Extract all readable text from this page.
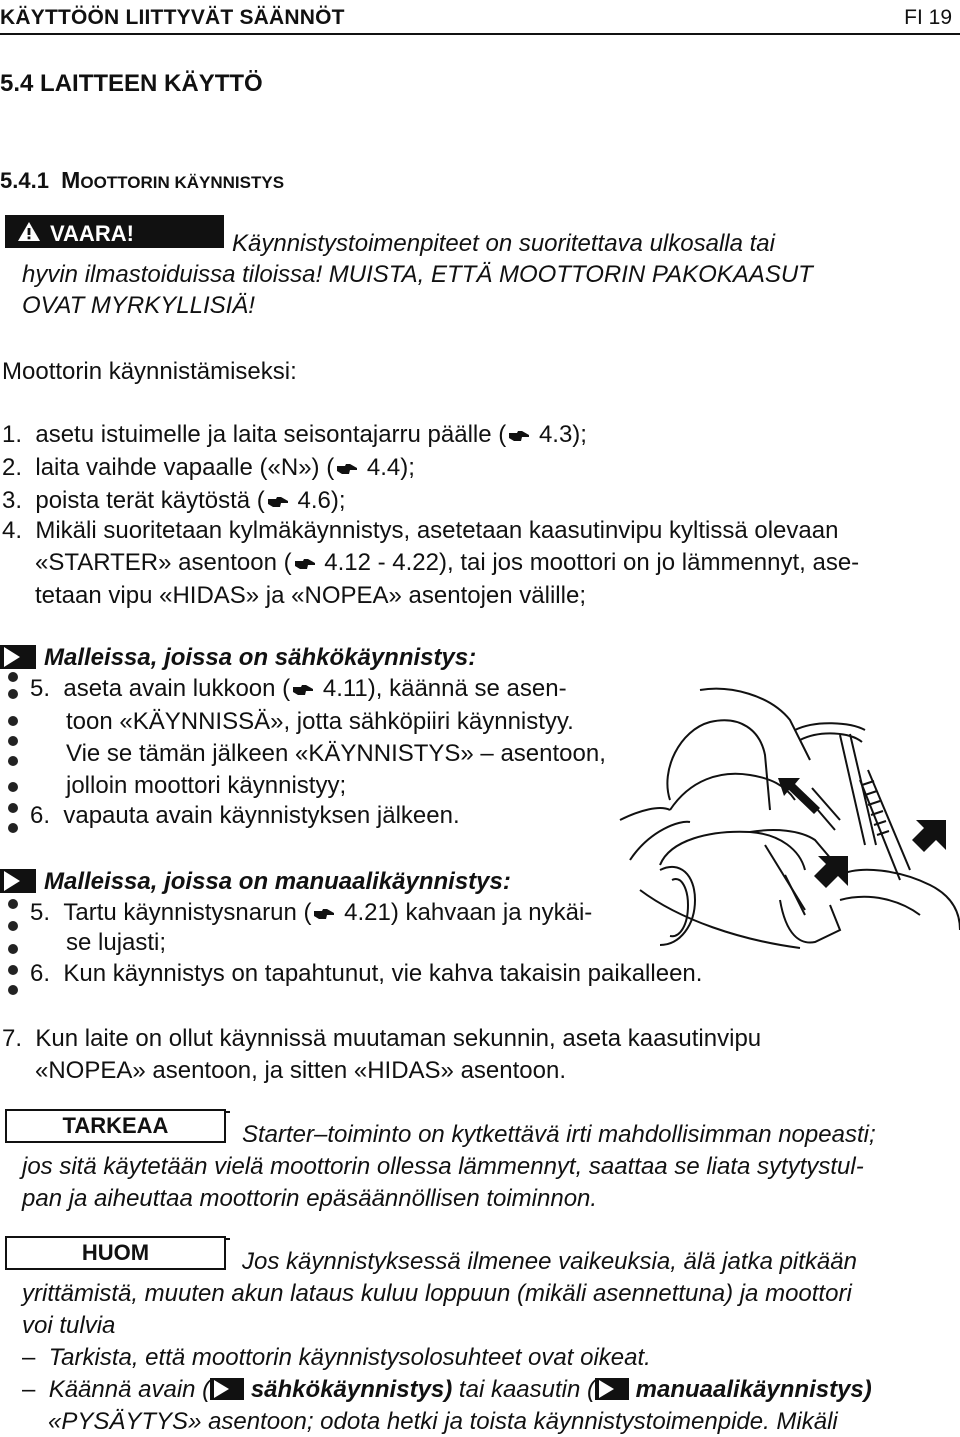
KÄYTTÖÖN LIITTYVÄT SÄÄNNÖT	FI 19
5.4 LAITTEEN KÄYTTÖ
5.4.1 MOOTTORIN KÄYNNISTYS
VAARA!	Käynnistystoimenpiteet on suoritettava ulkosalla tai
hyvin ilmastoiduissa tiloissa! MUISTA, ETTÄ MOOTTORIN PAKOKAASUT
OVAT MYRKYLLISIÄ!
Moottorin käynnistämiseksi:
1. asetu istuimelle ja laita seisontajarru päälle ( 4.3);
2. laita vaihde vapaalle («N») ( 4.4);
3. poista terät käytöstä ( 4.6);
4. Mikäli suoritetaan kylmäkäynnistys, asetetaan kaasutinvipu kyltissä olevaan
«STARTER» asentoon ( 4.12 - 4.22), tai jos moottori on jo lämmennyt, ase-
tetaan vipu «HIDAS» ja «NOPEA» asentojen välille;
Malleissa, joissa on sähkökäynnistys:
5. aseta avain lukkoon ( 4.11), käännä se asen-
toon «KÄYNNISSÄ», jotta sähköpiiri käynnistyy.
Vie se tämän jälkeen «KÄYNNISTYS» – asentoon,
jolloin moottori käynnistyy;
6. vapauta avain käynnistyksen jälkeen.
Malleissa, joissa on manuaalikäynnistys:
5. Tartu käynnistysnarun ( 4.21) kahvaan ja nykäi-
se lujasti;
6. Kun käynnistys on tapahtunut, vie kahva takaisin paikalleen.
7. Kun laite on ollut käynnissä muutaman sekunnin, aseta kaasutinvipu
«NOPEA» asentoon, ja sitten «HIDAS» asentoon.
TARKEAA	Starter–toiminto on kytkettävä irti mahdollisimman nopeasti;
jos sitä käytetään vielä moottorin ollessa lämmennyt, saattaa se liata sytytystul-
pan ja aiheuttaa moottorin epäsäännöllisen toiminnon.
HUOM	Jos käynnistyksessä ilmenee vaikeuksia, älä jatka pitkään
yrittämistä, muuten akun lataus kuluu loppuun (mikäli asennettuna) ja moottori
voi tulvia
– Tarkista, että moottorin käynnistysolosuhteet ovat oikeat.
– Käännä avain ( sähkökäynnistys) tai kaasutin ( manuaalikäynnistys)
«PYSÄYTYS» asentoon; odota hetki ja toista käynnistystoimenpide. Mikäli
